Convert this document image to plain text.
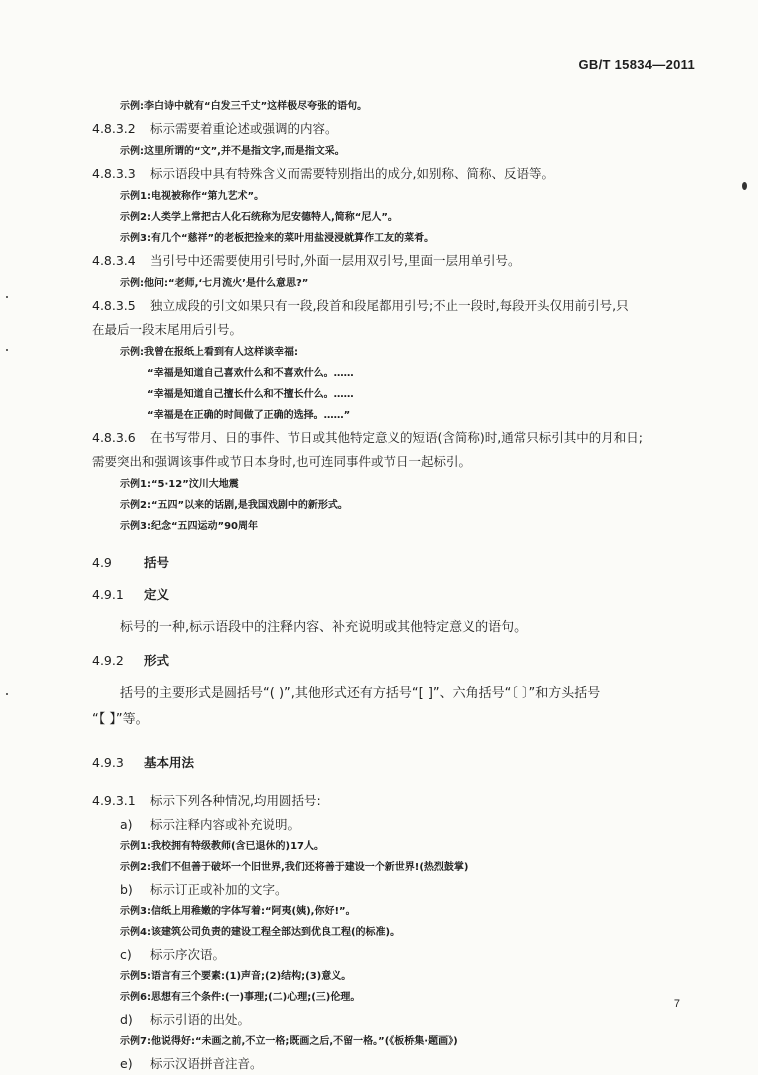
GB/T 15834—2011
示例:李白诗中就有“白发三千丈”这样极尽夸张的语句。
4.8.3.2 标示需要着重论述或强调的内容。
示例:这里所谓的“文”,并不是指文字,而是指文采。
4.8.3.3 标示语段中具有特殊含义而需要特别指出的成分,如别称、简称、反语等。
示例1:电视被称作“第九艺术”。
示例2:人类学上常把古人化石统称为尼安德特人,简称“尼人”。
示例3:有几个“慈祥”的老板把捡来的菜叶用盐浸浸就算作工友的菜肴。
4.8.3.4 当引号中还需要使用引号时,外面一层用双引号,里面一层用单引号。
示例:他问:“老师,‘七月流火’是什么意思?”
4.8.3.5 独立成段的引文如果只有一段,段首和段尾都用引号;不止一段时,每段开头仅用前引号,只
在最后一段末尾用后引号。
示例:我曾在报纸上看到有人这样谈幸福:
“幸福是知道自己喜欢什么和不喜欢什么。……
“幸福是知道自己擅长什么和不擅长什么。……
“幸福是在正确的时间做了正确的选择。……”
4.8.3.6 在书写带月、日的事件、节日或其他特定意义的短语(含简称)时,通常只标引其中的月和日;
需要突出和强调该事件或节日本身时,也可连同事件或节日一起标引。
示例1:“5·12”汶川大地震
示例2:“五四”以来的话剧,是我国戏剧中的新形式。
示例3:纪念“五四运动”90周年
4.9	括号
4.9.1 定义
标号的一种,标示语段中的注释内容、补充说明或其他特定意义的语句。
4.9.2 形式
括号的主要形式是圆括号“( )”,其他形式还有方括号“[ ]”、六角括号“〔 〕”和方头括号
“【 】”等。
4.9.3 基本用法
4.9.3.1 标示下列各种情况,均用圆括号:
a) 标示注释内容或补充说明。
示例1:我校拥有特级教师(含已退休的)17人。
示例2:我们不但善于破坏一个旧世界,我们还将善于建设一个新世界!(热烈鼓掌)
b) 标示订正或补加的文字。
示例3:信纸上用稚嫩的字体写着:“阿夷(姨),你好!”。
示例4:该建筑公司负责的建设工程全部达到优良工程(的标准)。
c) 标示序次语。
示例5:语言有三个要素:(1)声音;(2)结构;(3)意义。
示例6:思想有三个条件:(一)事理;(二)心理;(三)伦理。
d) 标示引语的出处。
示例7:他说得好:“未画之前,不立一格;既画之后,不留一格。”(《板桥集·题画》)
e) 标示汉语拼音注音。
7
